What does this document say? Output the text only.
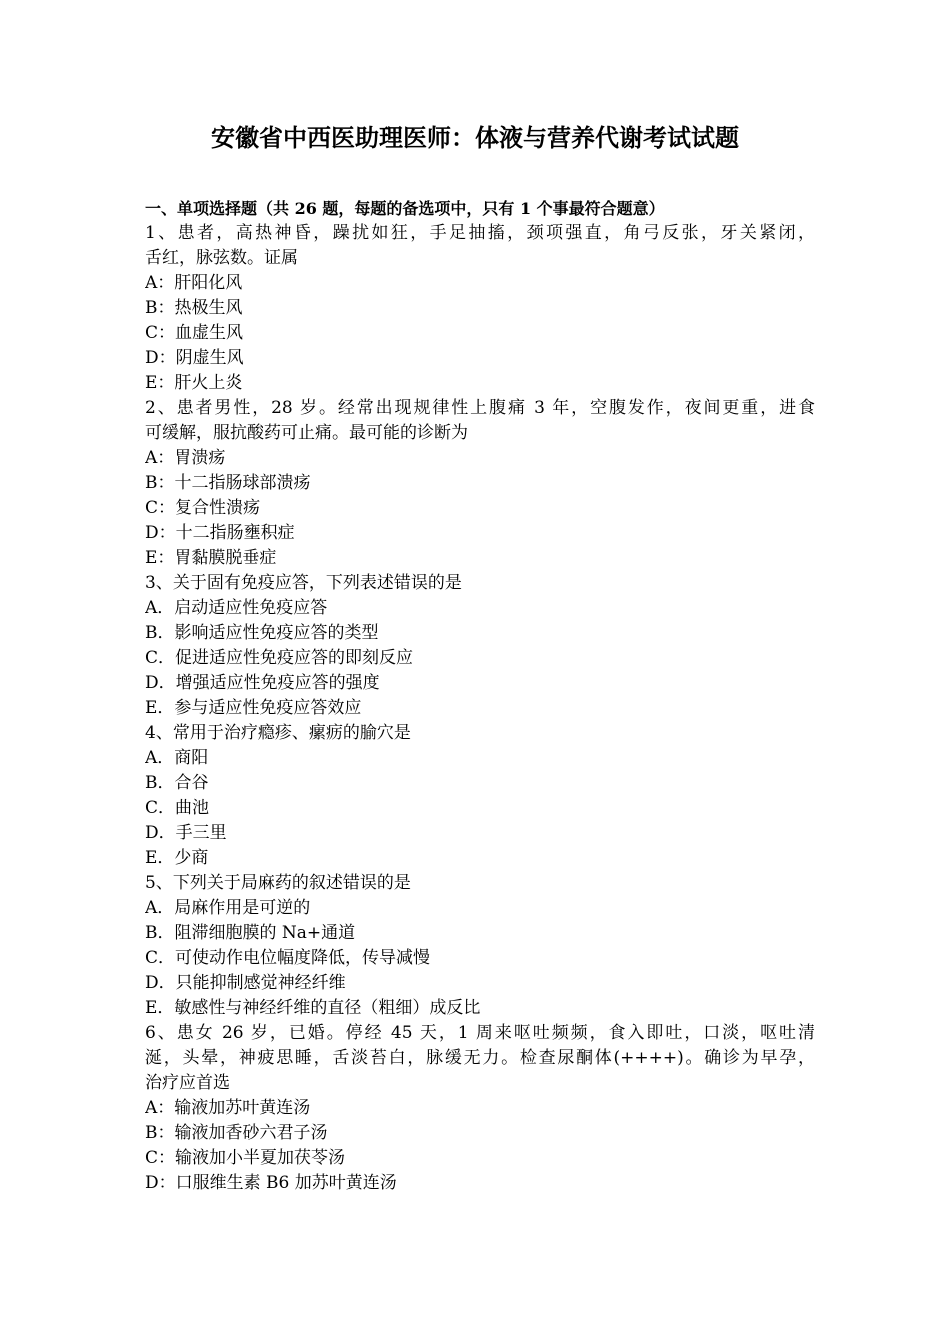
安徽省中西医助理医师：体液与营养代谢考试试题
一、单项选择题（共 26 题，每题的备选项中，只有 1 个事最符合题意）
1、患者，高热神昏，躁扰如狂，手足抽搐，颈项强直，角弓反张，牙关紧闭，
舌红，脉弦数。证属
A：肝阳化风
B：热极生风
C：血虚生风
D：阴虚生风
E：肝火上炎
2、患者男性，28 岁。经常出现规律性上腹痛 3 年，空腹发作，夜间更重，进食
可缓解，服抗酸药可止痛。最可能的诊断为
A：胃溃疡
B：十二指肠球部溃疡
C：复合性溃疡
D：十二指肠壅积症
E：胃黏膜脱垂症
3、关于固有免疫应答，下列表述错误的是
A．启动适应性免疫应答
B．影响适应性免疫应答的类型
C．促进适应性免疫应答的即刻反应
D．增强适应性免疫应答的强度
E．参与适应性免疫应答效应
4、常用于治疗瘾疹、瘰疬的腧穴是
A．商阳
B．合谷
C．曲池
D．手三里
E．少商
5、下列关于局麻药的叙述错误的是
A．局麻作用是可逆的
B．阻滞细胞膜的 Na+通道
C．可使动作电位幅度降低，传导减慢
D．只能抑制感觉神经纤维
E．敏感性与神经纤维的直径（粗细）成反比
6、患女 26 岁，已婚。停经 45 天，1 周来呕吐频频，食入即吐，口淡，呕吐清
涎，头晕，神疲思睡，舌淡苔白，脉缓无力。检查尿酮体(++++)。确诊为早孕，
治疗应首选
A：输液加苏叶黄连汤
B：输液加香砂六君子汤
C：输液加小半夏加茯苓汤
D：口服维生素 B6 加苏叶黄连汤
